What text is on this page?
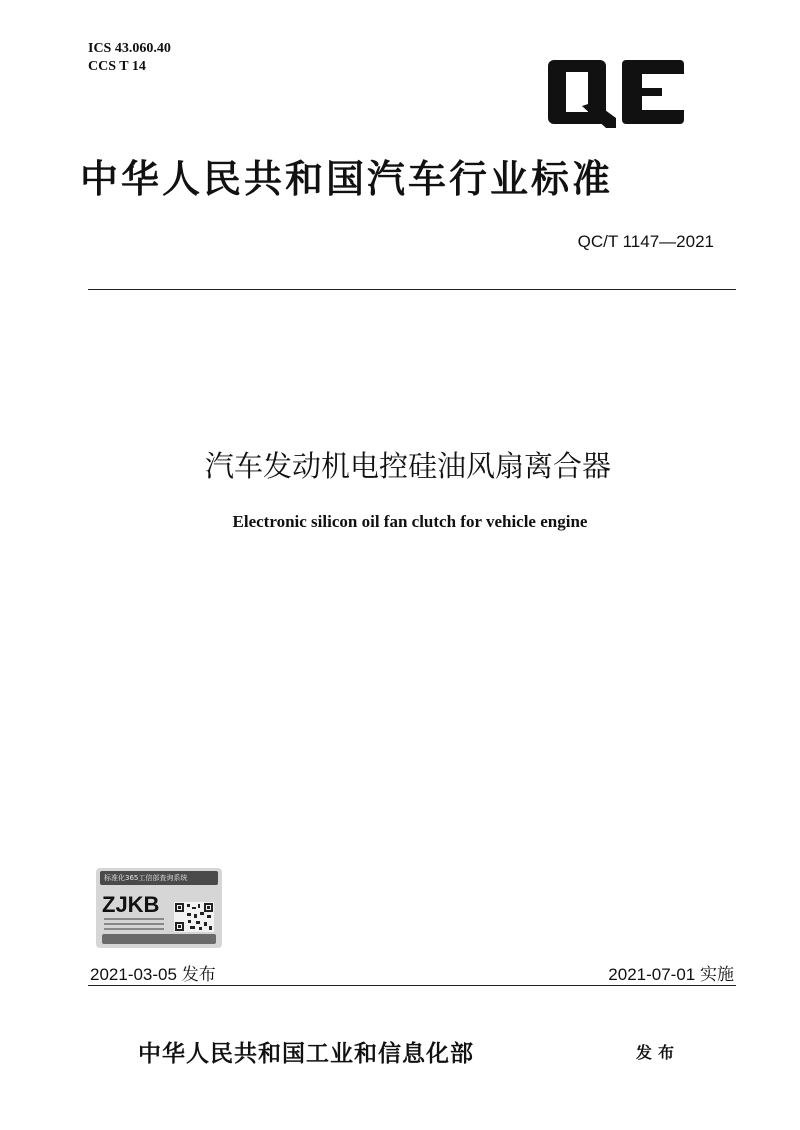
ICS 43.060.40
CCS T 14
中华人民共和国汽车行业标准
QC/T 1147—2021
汽车发动机电控硅油风扇离合器
Electronic silicon oil fan clutch for vehicle engine
标准化365工信部查询系统
ZJKB
2021-03-05 发布	2021-07-01 实施
中华人民共和国工业和信息化部	发布
